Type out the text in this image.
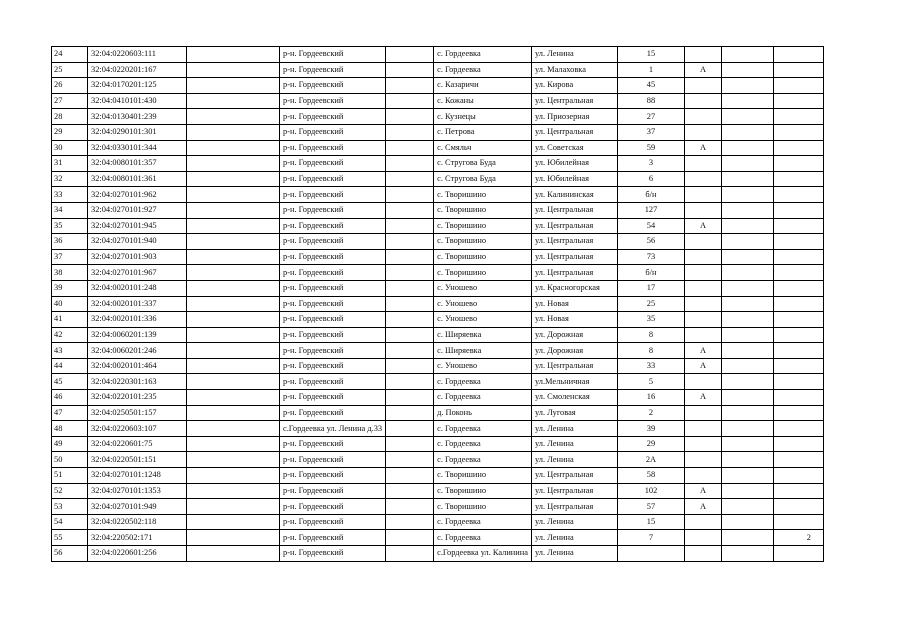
24	32:04:0220603:111		р-н. Гордеевский		с. Гордеевка	ул. Ленина	15			
25	32:04:0220201:167		р-н. Гордеевский		с. Гордеевка	ул. Малаховка	1	А		
26	32:04:0170201:125		р-н. Гордеевский		с. Казаричи	ул. Кирова	45			
27	32:04:0410101:430		р-н. Гордеевский		с. Кожаны	ул. Центральная	88			
28	32:04:0130401:239		р-н. Гордеевский		с. Кузнецы	ул. Приозерная	27			
29	32:04:0290101:301		р-н. Гордеевский		с. Петрова	ул. Центральная	37			
30	32:04:0330101:344		р-н. Гордеевский		с. Смяльч	ул. Советская	59	А		
31	32:04:0080101:357		р-н. Гордеевский		с. Стругова Буда	ул. Юбилейная	3			
32	32:04:0080101:361		р-н. Гордеевский		с. Стругова Буда	ул. Юбилейная	6			
33	32:04:0270101:962		р-н. Гордеевский		с. Творишино	ул. Калининская	б/н			
34	32:04:0270101:927		р-н. Гордеевский		с. Творишино	ул. Центральная	127			
35	32:04:0270101:945		р-н. Гордеевский		с. Творишино	ул. Центральная	54	А		
36	32:04:0270101:940		р-н. Гордеевский		с. Творишино	ул. Центральная	56			
37	32:04:0270101:903		р-н. Гордеевский		с. Творишино	ул. Центральная	73			
38	32:04:0270101:967		р-н. Гордеевский		с. Творишино	ул. Центральная	б/н			
39	32:04:0020101:248		р-н. Гордеевский		с. Уношево	ул. Красногорская	17			
40	32:04:0020101:337		р-н. Гордеевский		с. Уношево	ул. Новая	25			
41	32:04:0020101:336		р-н. Гордеевский		с. Уношево	ул. Новая	35			
42	32:04:0060201:139		р-н. Гордеевский		с. Ширяевка	ул. Дорожная	8			
43	32:04:0060201:246		р-н. Гордеевский		с. Ширяевка	ул. Дорожная	8	А		
44	32:04:0020101:464		р-н. Гордеевский		с. Уношево	ул. Центральная	33	А		
45	32:04:0220301:163		р-н. Гордеевский		с. Гордеевка	ул.Мельничная	5			
46	32:04:0220101:235		р-н. Гордеевский		с. Гордеевка	ул. Смоленская	16	А		
47	32:04:0250501:157		р-н. Гордеевский		д. Поконь	ул. Луговая	2			
48	32:04:0220603:107		с.Гордеевка ул. Ленина д.33		с. Гордеевка	ул. Ленина	39			
49	32:04:0220601:75		р-н. Гордеевский		с. Гордеевка	ул. Ленина	29			
50	32:04:0220501:151		р-н. Гордеевский		с. Гордеевка	ул. Ленина	2А			
51	32:04:0270101:1248		р-н. Гордеевский		с. Творишино	ул. Центральная	58			
52	32:04:0270101:1353		р-н. Гордеевский		с. Творишино	ул. Центральная	102	А		
53	32:04:0270101:949		р-н. Гордеевский		с. Творишино	ул. Центральная	57	А		
54	32:04:0220502:118		р-н. Гордеевский		с. Гордеевка	ул. Ленина	15			
55	32:04:220502:171		р-н. Гордеевский		с. Гордеевка	ул. Ленина	7			2
56	32:04:0220601:256		р-н. Гордеевский		с.Гордеевка ул. Калинина	ул. Ленина				
